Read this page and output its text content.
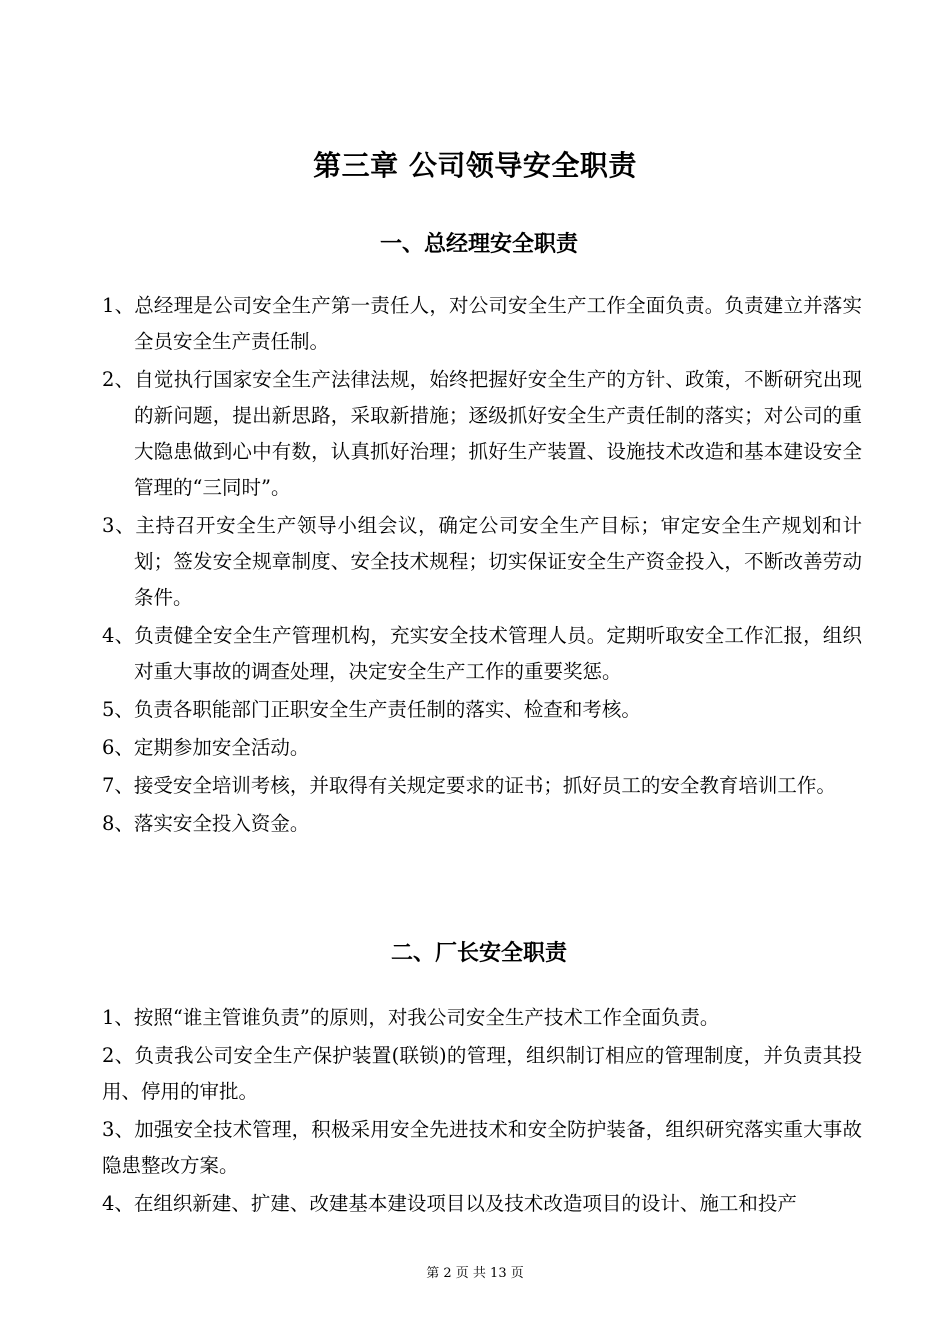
第三章 公司领导安全职责
一、总经理安全职责
1、总经理是公司安全生产第一责任人，对公司安全生产工作全面负责。负责建立并落实全员安全生产责任制。
2、自觉执行国家安全生产法律法规，始终把握好安全生产的方针、政策，不断研究出现的新问题，提出新思路，采取新措施；逐级抓好安全生产责任制的落实；对公司的重大隐患做到心中有数，认真抓好治理；抓好生产装置、设施技术改造和基本建设安全管理的“三同时”。
3、主持召开安全生产领导小组会议，确定公司安全生产目标；审定安全生产规划和计划；签发安全规章制度、安全技术规程；切实保证安全生产资金投入，不断改善劳动条件。
4、负责健全安全生产管理机构，充实安全技术管理人员。定期听取安全工作汇报，组织对重大事故的调查处理，决定安全生产工作的重要奖惩。
5、负责各职能部门正职安全生产责任制的落实、检查和考核。
6、定期参加安全活动。
7、接受安全培训考核，并取得有关规定要求的证书；抓好员工的安全教育培训工作。
8、落实安全投入资金。
二、厂长安全职责
1、按照“谁主管谁负责”的原则，对我公司安全生产技术工作全面负责。
2、负责我公司安全生产保护装置(联锁)的管理，组织制订相应的管理制度，并负责其投用、停用的审批。
3、加强安全技术管理，积极采用安全先进技术和安全防护装备，组织研究落实重大事故隐患整改方案。
4、在组织新建、扩建、改建基本建设项目以及技术改造项目的设计、施工和投产
第 2 页 共 13 页
